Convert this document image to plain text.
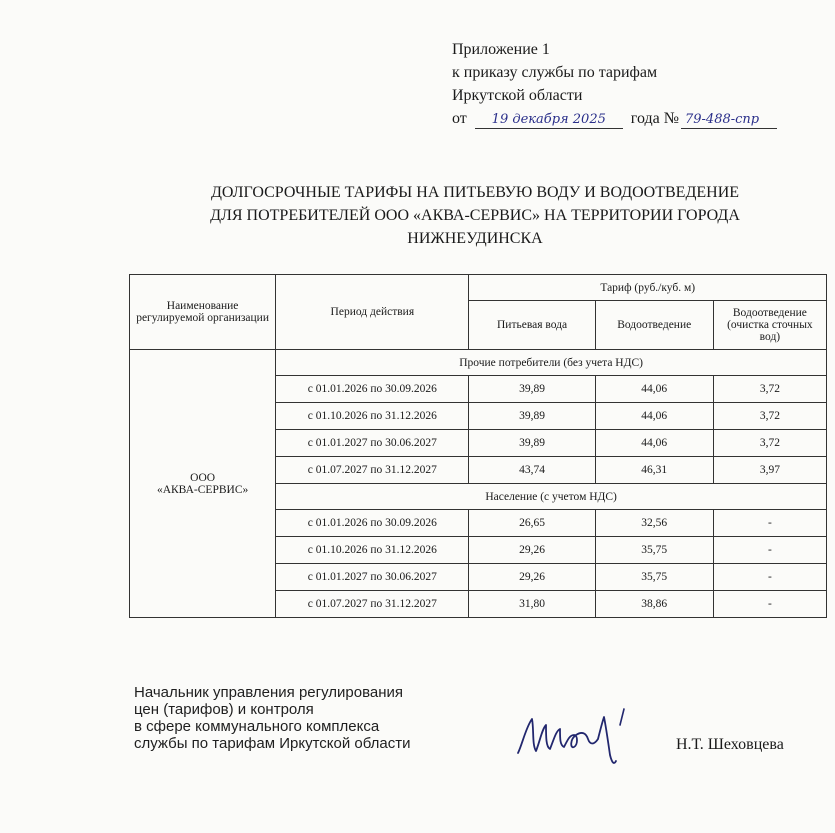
Приложение 1
к приказу службы по тарифам
Иркутской области
от 19 декабря 2025 года № 79-488-спр
ДОЛГОСРОЧНЫЕ ТАРИФЫ НА ПИТЬЕВУЮ ВОДУ И ВОДООТВЕДЕНИЕ
ДЛЯ ПОТРЕБИТЕЛЕЙ ООО «АКВА-СЕРВИС» НА ТЕРРИТОРИИ ГОРОДА
НИЖНЕУДИНСКА
Наименование регулируемой организации	Период действия	Тариф (руб./куб. м)		
		Питьевая вода	Водоотведение	Водоотведение (очистка сточных вод)

ООО
«АКВА-СЕРВИС»	Прочие потребители (без учета НДС)			
	с 01.01.2026 по 30.09.2026	39,89	44,06	3,72
	с 01.10.2026 по 31.12.2026	39,89	44,06	3,72
	с 01.01.2027 по 30.06.2027	39,89	44,06	3,72
	с 01.07.2027 по 31.12.2027	43,74	46,31	3,97
	Население (с учетом НДС)			
	с 01.01.2026 по 30.09.2026	26,65	32,56	-
	с 01.10.2026 по 31.12.2026	29,26	35,75	-
	с 01.01.2027 по 30.06.2027	29,26	35,75	-
	с 01.07.2027 по 31.12.2027	31,80	38,86	-
Начальник управления регулирования
цен (тарифов) и контроля
в сфере коммунального комплекса
службы по тарифам Иркутской области	Н.Т. Шеховцева
